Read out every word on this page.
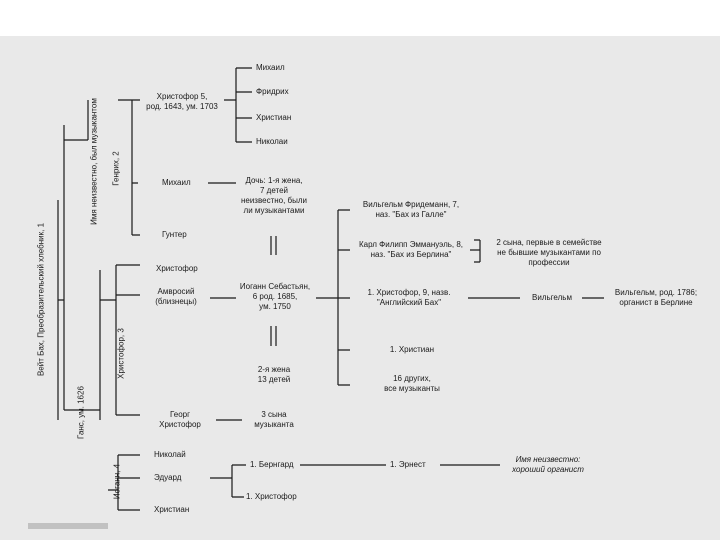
Вейт Бах, Преобразительский хлебник, 1
Ганс, ум. 1626
Имя неизвестно, был музыкантом Генрих, 2
Христофор, 3
Иоганн, 4
Христофор 5,
род. 1643, ум. 1703
Михаил
Гунтер
Михаил
Фридрих
Христиан
Николаи
Дочь: 1-я жена,
7 детей
неизвестно, были
ли музыкантами
Христофор
Амвросий
(близнецы)
Георг
Христофор
Иоганн Себастьян,
6 род. 1685,
ум. 1750
2-я жена
13 детей
3 сына
музыканта
Вильгельм Фридеманн, 7,
наз. "Бах из Галле"
Карл Филипп Эммануэль, 8,
наз. "Бах из Берлина"
1. Христофор, 9, назв.
"Английский Бах"
1. Христиан
16 других,
все музыканты
2 сына, первые в семействе
не бывшие музыкантами по
профессии
Вильгельм
Вильгельм, род. 1786;
органист в Берлине
Николай
Эдуард
Христиан
1. Бернгард
1. Христофор
1. Эрнест
Имя неизвестно:
хороший органист
